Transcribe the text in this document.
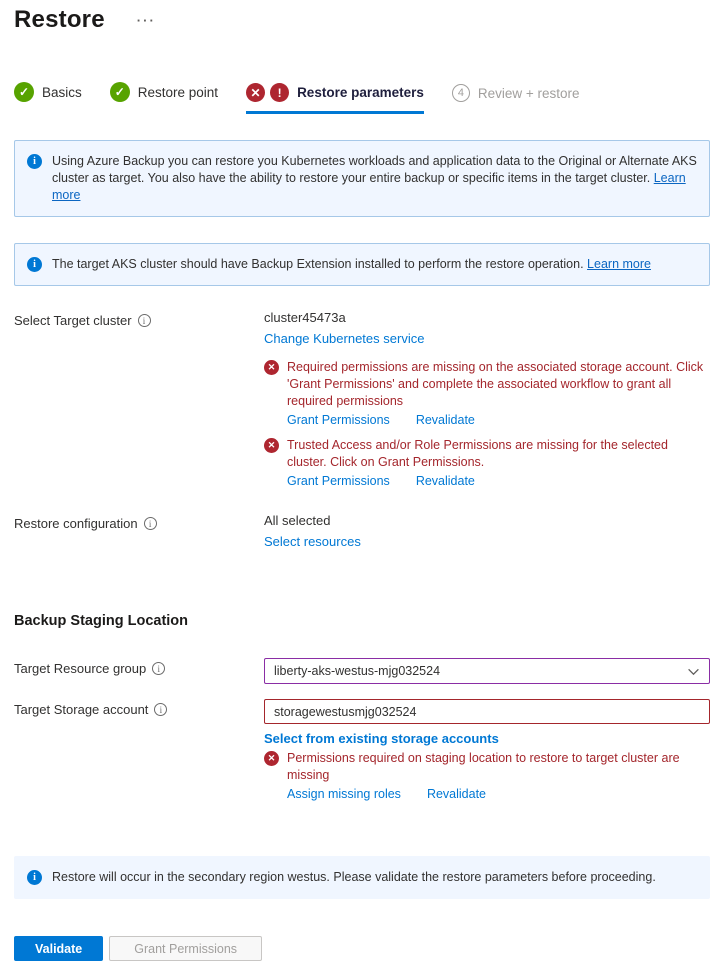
Restore ···
✓ Basics	✓ Restore point	✕	!	Restore parameters	4	Review + restore
i	Using Azure Backup you can restore you Kubernetes workloads and application data to the Original or Alternate AKS cluster as target. You also have the ability to restore your entire backup or specific items in the target cluster. Learn more
i	The target AKS cluster should have Backup Extension installed to perform the restore operation. Learn more
Select Target cluster	i	cluster45473a
Change Kubernetes service
✕ Required permissions are missing on the associated storage account. Click 'Grant Permissions' and complete the associated workflow to grant all required permissions
Grant Permissions Revalidate
✕ Trusted Access and/or Role Permissions are missing for the selected cluster. Click on Grant Permissions.
Grant Permissions Revalidate
Restore configuration	i	All selected
Select resources
Backup Staging Location
Target Resource group	i	liberty-aks-westus-mjg032524
Target Storage account	i	storagewestusmjg032524
Select from existing storage accounts
✕ Permissions required on staging location to restore to target cluster are missing
Assign missing roles Revalidate
i	Restore will occur in the secondary region westus. Please validate the restore parameters before proceeding.
Validate	Grant Permissions
